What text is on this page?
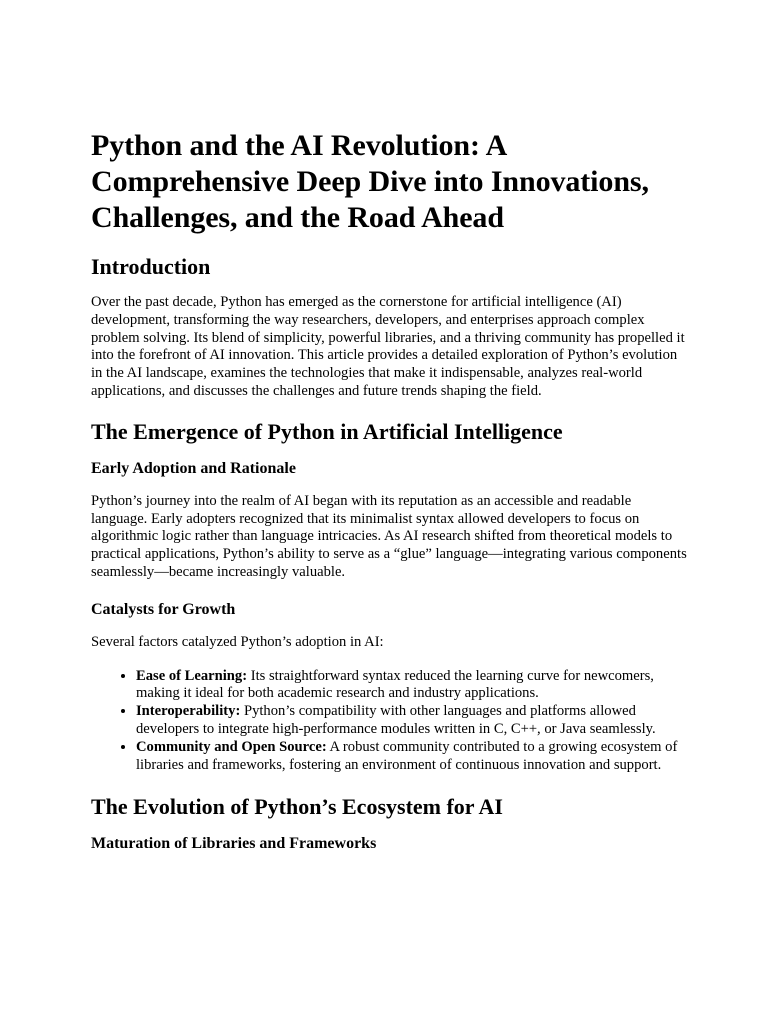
Python and the AI Revolution: A Comprehensive Deep Dive into Innovations, Challenges, and the Road Ahead
Introduction

Over the past decade, Python has emerged as the cornerstone for artificial intelligence (AI) development, transforming the way researchers, developers, and enterprises approach complex problem solving. Its blend of simplicity, powerful libraries, and a thriving community has propelled it into the forefront of AI innovation. This article provides a detailed exploration of Python’s evolution in the AI landscape, examines the technologies that make it indispensable, analyzes real-world applications, and discusses the challenges and future trends shaping the field.

The Emergence of Python in Artificial Intelligence
Early Adoption and Rationale

Python’s journey into the realm of AI began with its reputation as an accessible and readable language. Early adopters recognized that its minimalist syntax allowed developers to focus on algorithmic logic rather than language intricacies. As AI research shifted from theoretical models to practical applications, Python’s ability to serve as a “glue” language—integrating various components seamlessly—became increasingly valuable.

Catalysts for Growth

Several factors catalyzed Python’s adoption in AI:

• Ease of Learning: Its straightforward syntax reduced the learning curve for newcomers, making it ideal for both academic research and industry applications.
• Interoperability: Python’s compatibility with other languages and platforms allowed developers to integrate high-performance modules written in C, C++, or Java seamlessly.
• Community and Open Source: A robust community contributed to a growing ecosystem of libraries and frameworks, fostering an environment of continuous innovation and support.
The Evolution of Python’s Ecosystem for AI
Maturation of Libraries and Frameworks
